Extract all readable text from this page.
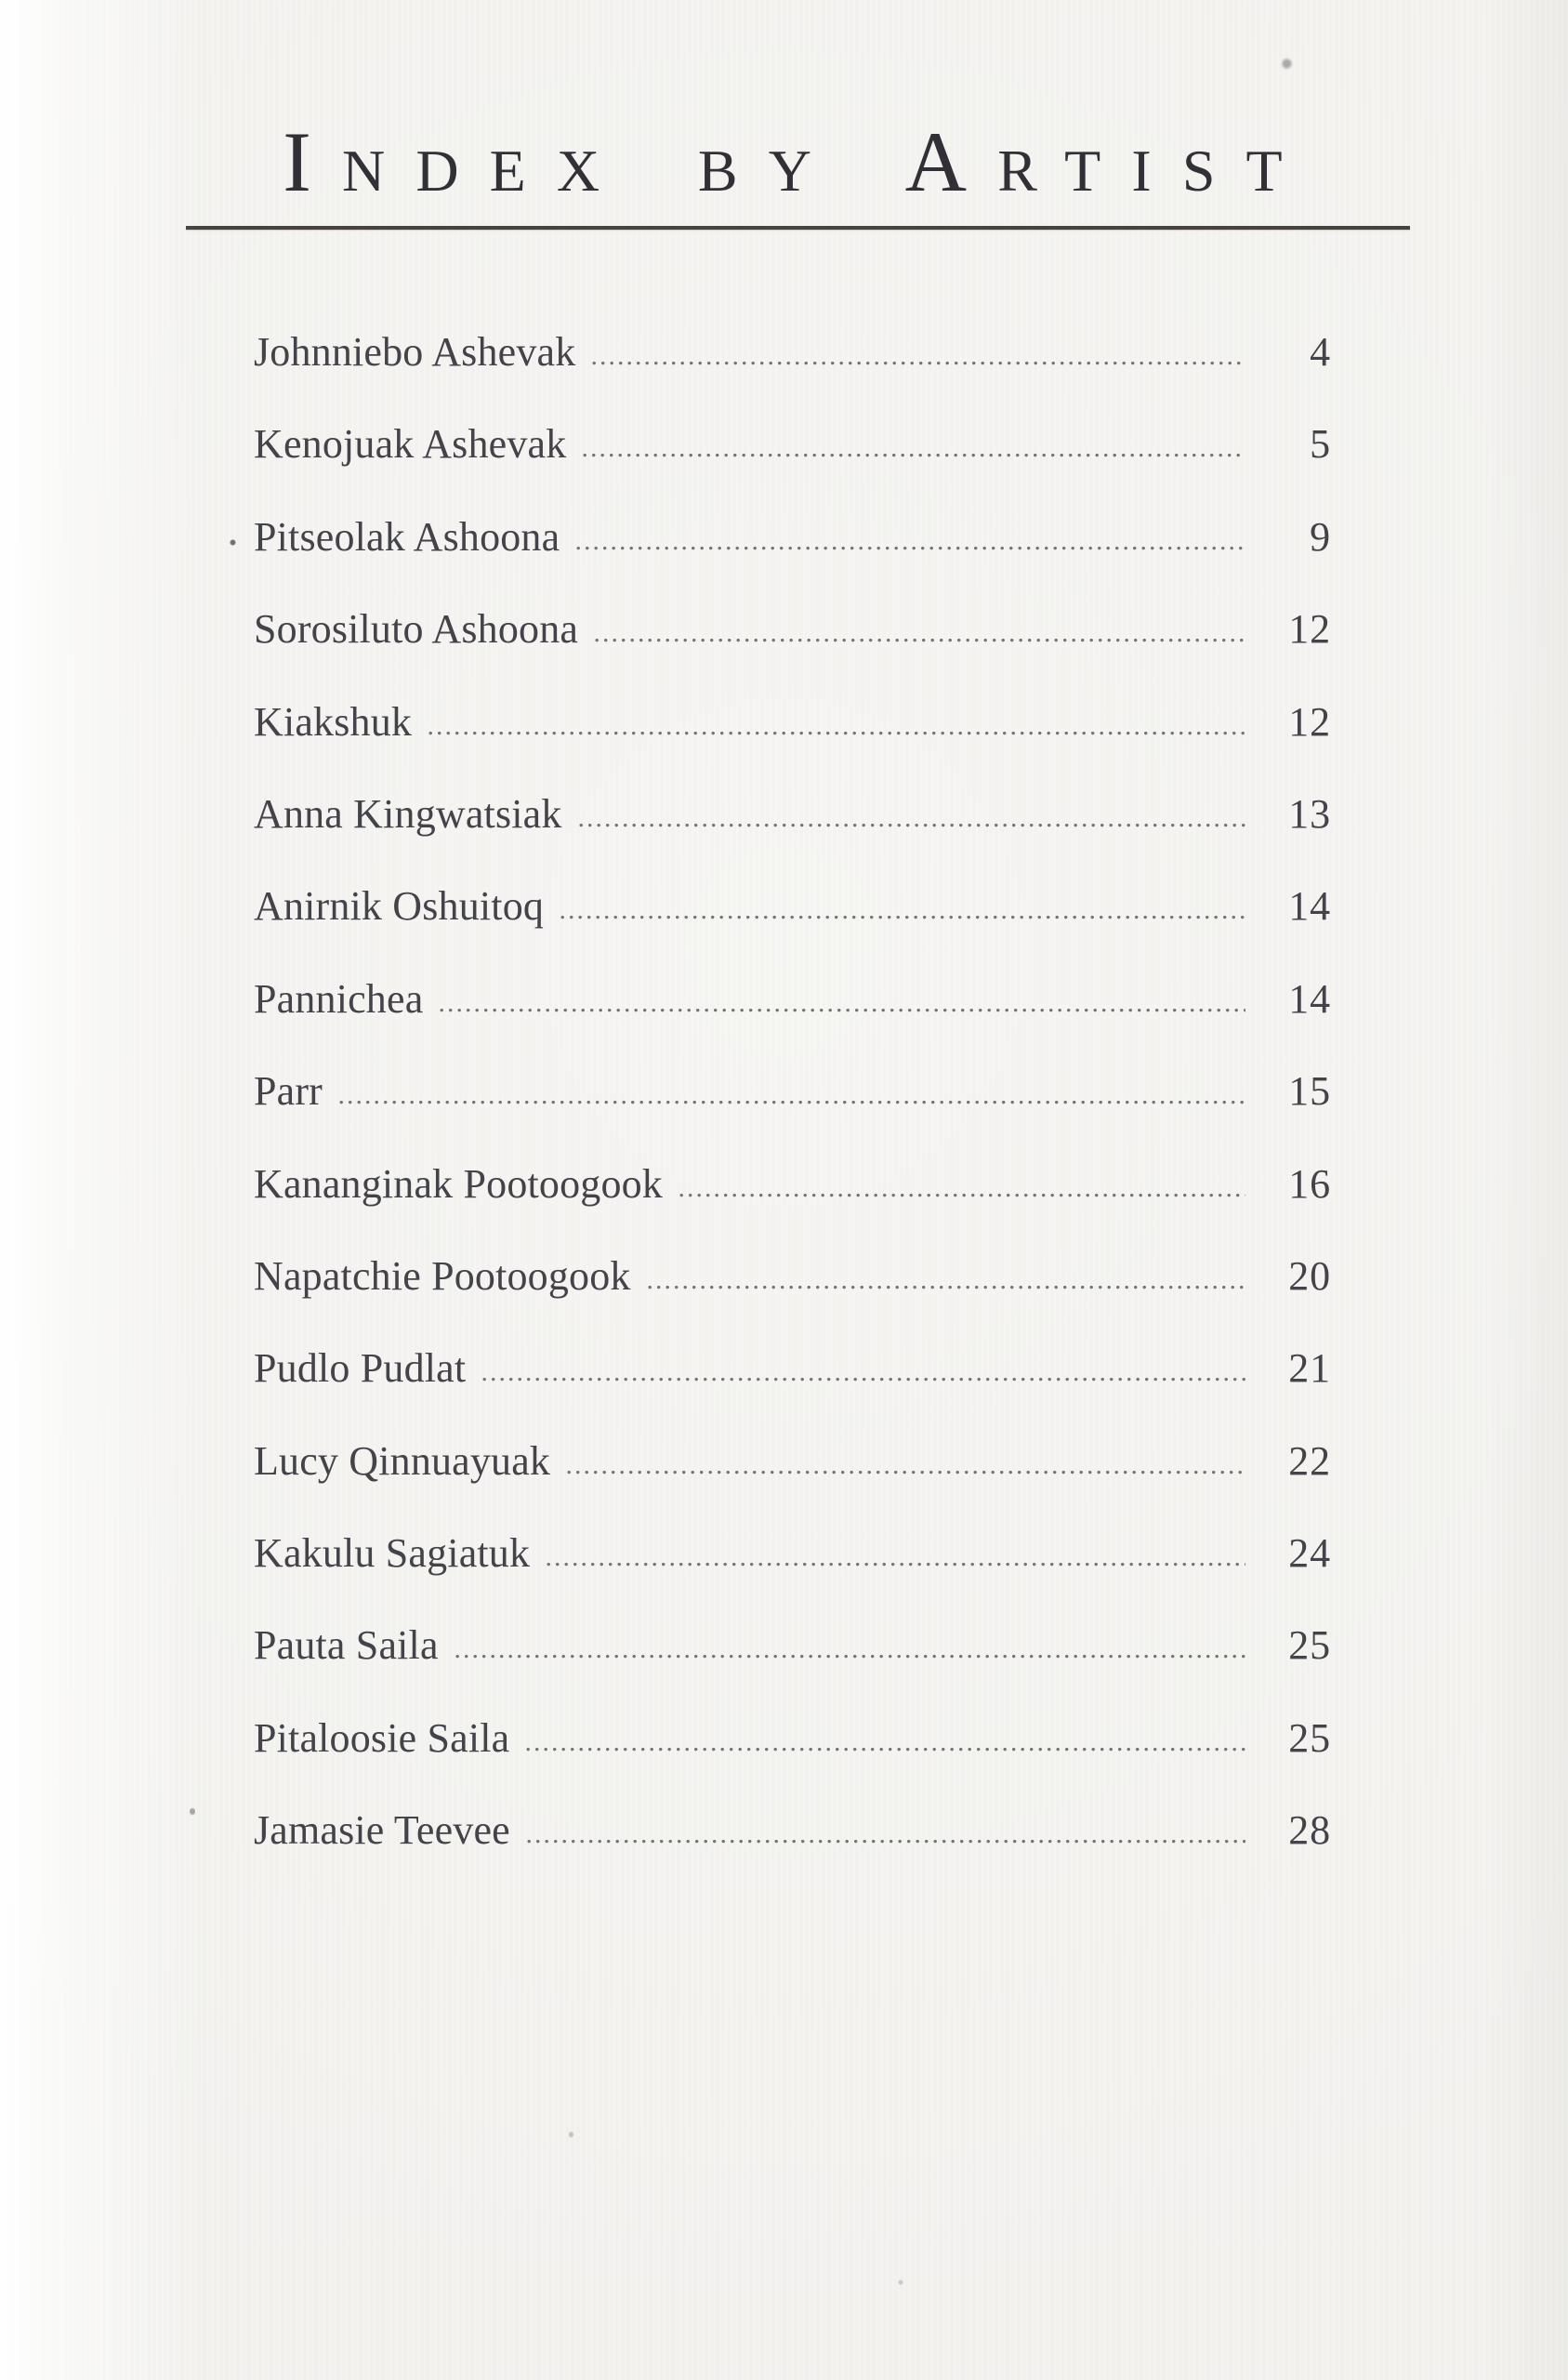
Index by Artist
Johnniebo Ashevak	4
Kenojuak Ashevak	5
Pitseolak Ashoona	9
Sorosiluto Ashoona	12
Kiakshuk	12
Anna Kingwatsiak	13
Anirnik Oshuitoq	14
Pannichea	14
Parr	15
Kananginak Pootoogook	16
Napatchie Pootoogook	20
Pudlo Pudlat	21
Lucy Qinnuayuak	22
Kakulu Sagiatuk	24
Pauta Saila	25
Pitaloosie Saila	25
Jamasie Teevee	28
